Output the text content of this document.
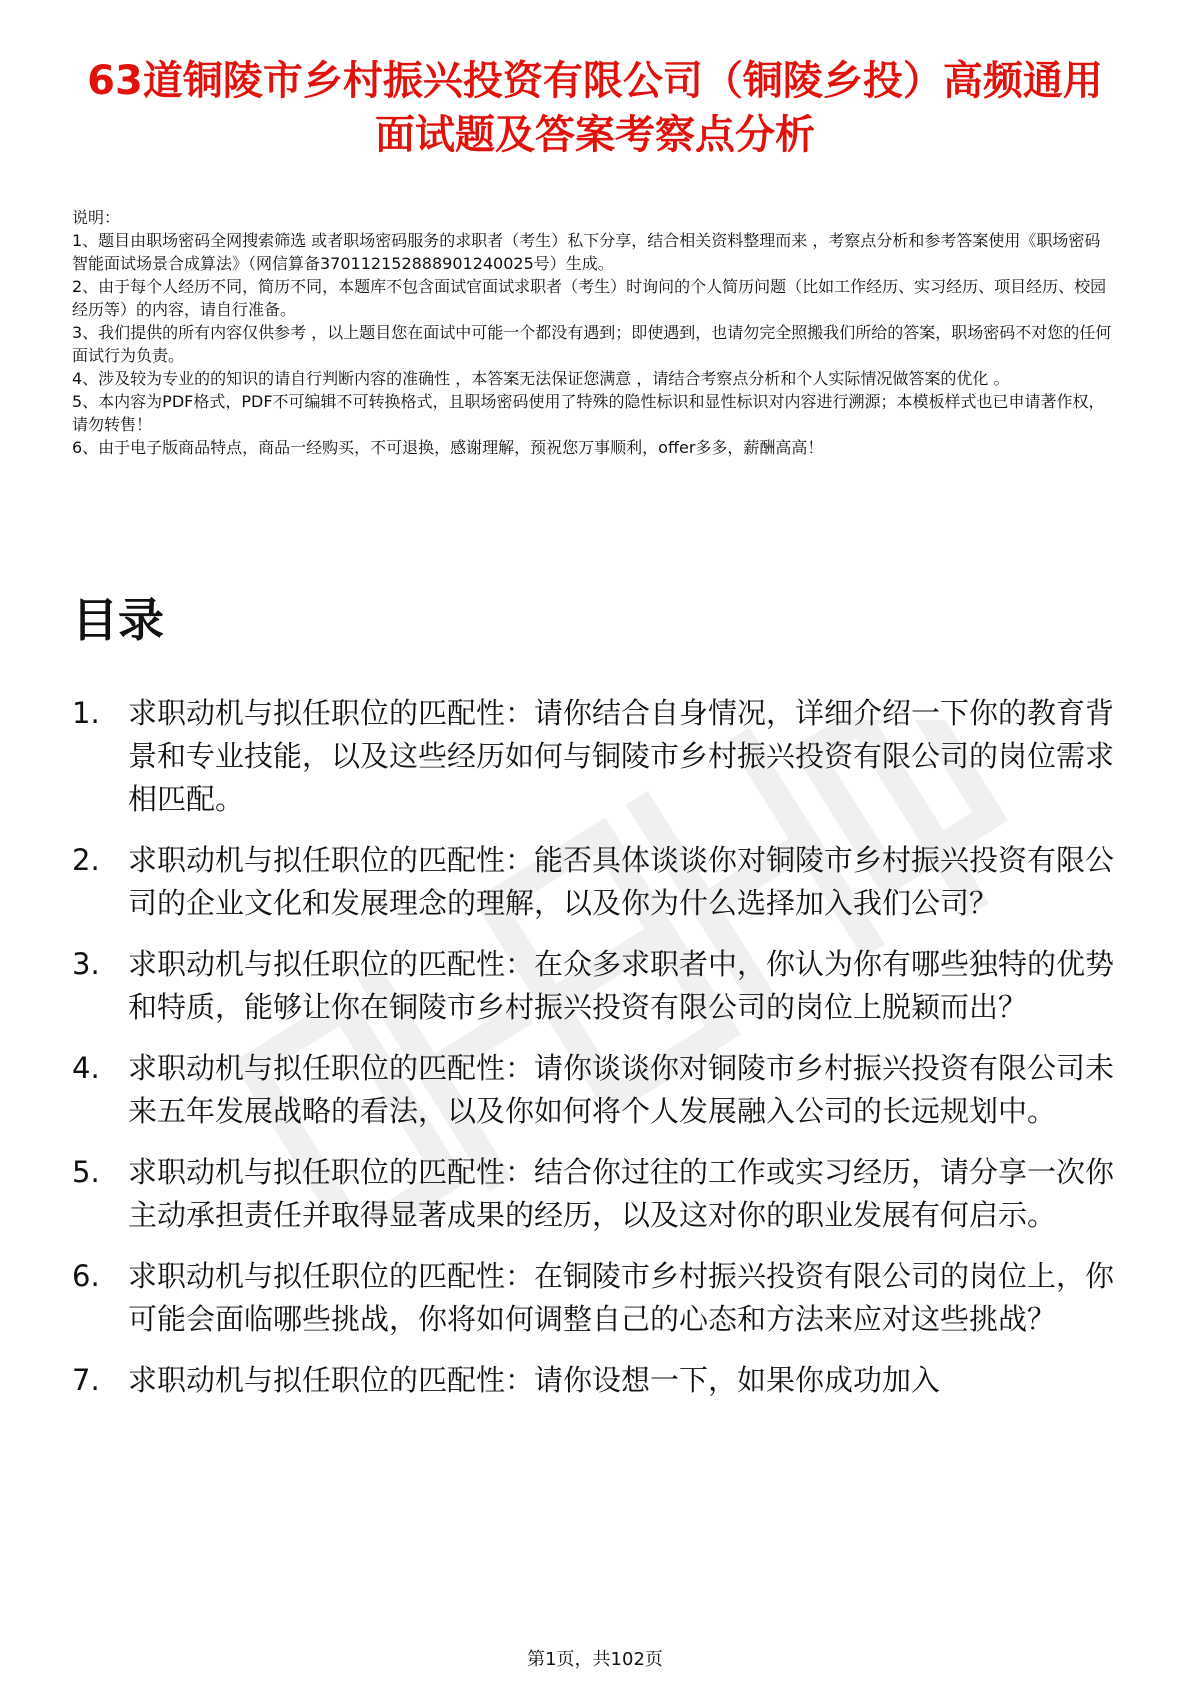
63道铜陵市乡村振兴投资有限公司（铜陵乡投）高频通用面试题及答案考察点分析
说明：
1、题目由职场密码全网搜索筛选 或者职场密码服务的求职者（考生）私下分享，结合相关资料整理而来 ，考察点分析和参考答案使用《职场密码智能面试场景合成算法》（网信算备370112152888901240025号）生成。
2、由于每个人经历不同，简历不同，本题库不包含面试官面试求职者（考生）时询问的个人简历问题（比如工作经历、实习经历、项目经历、校园经历等）的内容，请自行准备。
3、我们提供的所有内容仅供参考 ，以上题目您在面试中可能一个都没有遇到；即使遇到，也请勿完全照搬我们所给的答案，职场密码不对您的任何面试行为负责。
4、涉及较为专业的的知识的请自行判断内容的准确性 ，本答案无法保证您满意 ，请结合考察点分析和个人实际情况做答案的优化 。
5、本内容为PDF格式，PDF不可编辑不可转换格式，且职场密码使用了特殊的隐性标识和显性标识对内容进行溯源；本模板样式也已申请著作权，请勿转售！
6、由于电子版商品特点，商品一经购买，不可退换，感谢理解，预祝您万事顺利，offer多多，薪酬高高！
目录
1. 求职动机与拟任职位的匹配性：请你结合自身情况，详细介绍一下你的教育背景和专业技能，以及这些经历如何与铜陵市乡村振兴投资有限公司的岗位需求相匹配。
2. 求职动机与拟任职位的匹配性：能否具体谈谈你对铜陵市乡村振兴投资有限公司的企业文化和发展理念的理解，以及你为什么选择加入我们公司？
3. 求职动机与拟任职位的匹配性：在众多求职者中，你认为你有哪些独特的优势和特质，能够让你在铜陵市乡村振兴投资有限公司的岗位上脱颖而出？
4. 求职动机与拟任职位的匹配性：请你谈谈你对铜陵市乡村振兴投资有限公司未来五年发展战略的看法，以及你如何将个人发展融入公司的长远规划中。
5. 求职动机与拟任职位的匹配性：结合你过往的工作或实习经历，请分享一次你主动承担责任并取得显著成果的经历，以及这对你的职业发展有何启示。
6. 求职动机与拟任职位的匹配性：在铜陵市乡村振兴投资有限公司的岗位上，你可能会面临哪些挑战，你将如何调整自己的心态和方法来应对这些挑战？
7. 求职动机与拟任职位的匹配性：请你设想一下，如果你成功加入
第1页，共102页
